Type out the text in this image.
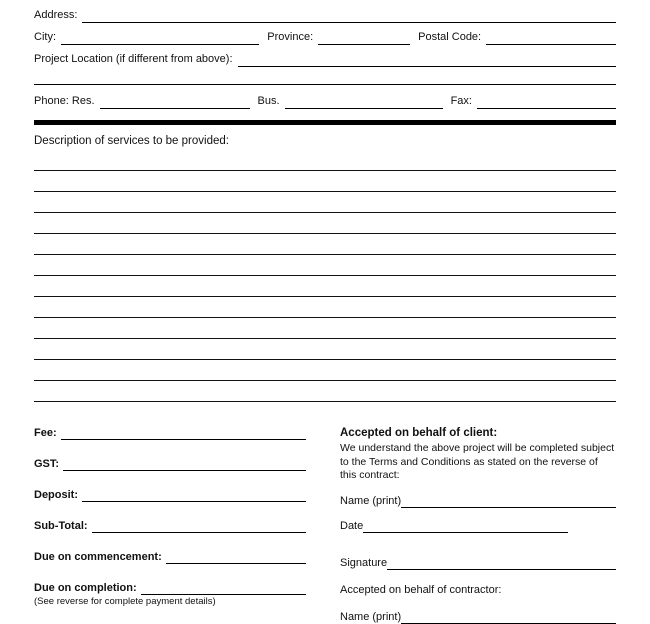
Address:
City:	Province:	Postal Code:
Project Location (if different from above):
Phone: Res.	Bus.	Fax:
Description of services to be provided:
Fee:
GST:
Deposit:
Sub-Total:
Due on commencement:
Due on completion:
(See reverse for complete payment details)
Accepted on behalf of client:
We understand the above project will be completed subject to the Terms and Conditions as stated on the reverse of this contract:
Name (print)
Date
Signature
Accepted on behalf of contractor:
Name (print)
